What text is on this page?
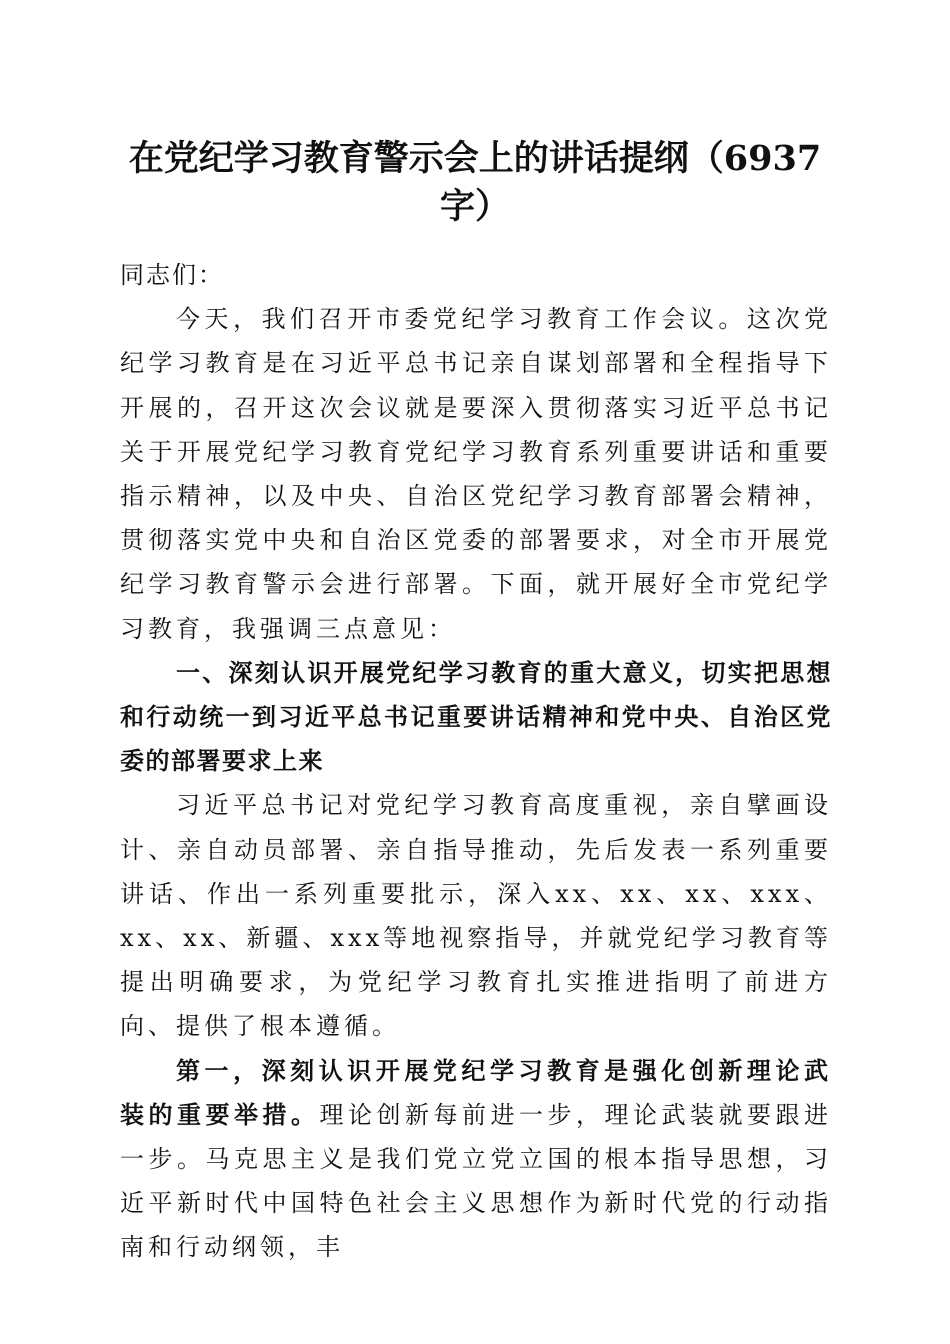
在党纪学习教育警示会上的讲话提纲（6937字）

同志们：

今天，我们召开市委党纪学习教育工作会议。这次党纪学习教育是在习近平总书记亲自谋划部署和全程指导下开展的，召开这次会议就是要深入贯彻落实习近平总书记关于开展党纪学习教育党纪学习教育系列重要讲话和重要指示精神，以及中央、自治区党纪学习教育部署会精神，贯彻落实党中央和自治区党委的部署要求，对全市开展党纪学习教育警示会进行部署。下面，就开展好全市党纪学习教育，我强调三点意见：

一、深刻认识开展党纪学习教育的重大意义，切实把思想和行动统一到习近平总书记重要讲话精神和党中央、自治区党委的部署要求上来

习近平总书记对党纪学习教育高度重视，亲自擘画设计、亲自动员部署、亲自指导推动，先后发表一系列重要讲话、作出一系列重要批示，深入xx、xx、xx、xxx、xx、xx、新疆、xxx等地视察指导，并就党纪学习教育等提出明确要求，为党纪学习教育扎实推进指明了前进方向、提供了根本遵循。

第一，深刻认识开展党纪学习教育是强化创新理论武装的重要举措。理论创新每前进一步，理论武装就要跟进一步。马克思主义是我们党立党立国的根本指导思想，习近平新时代中国特色社会主义思想作为新时代党的行动指南和行动纲领，丰
